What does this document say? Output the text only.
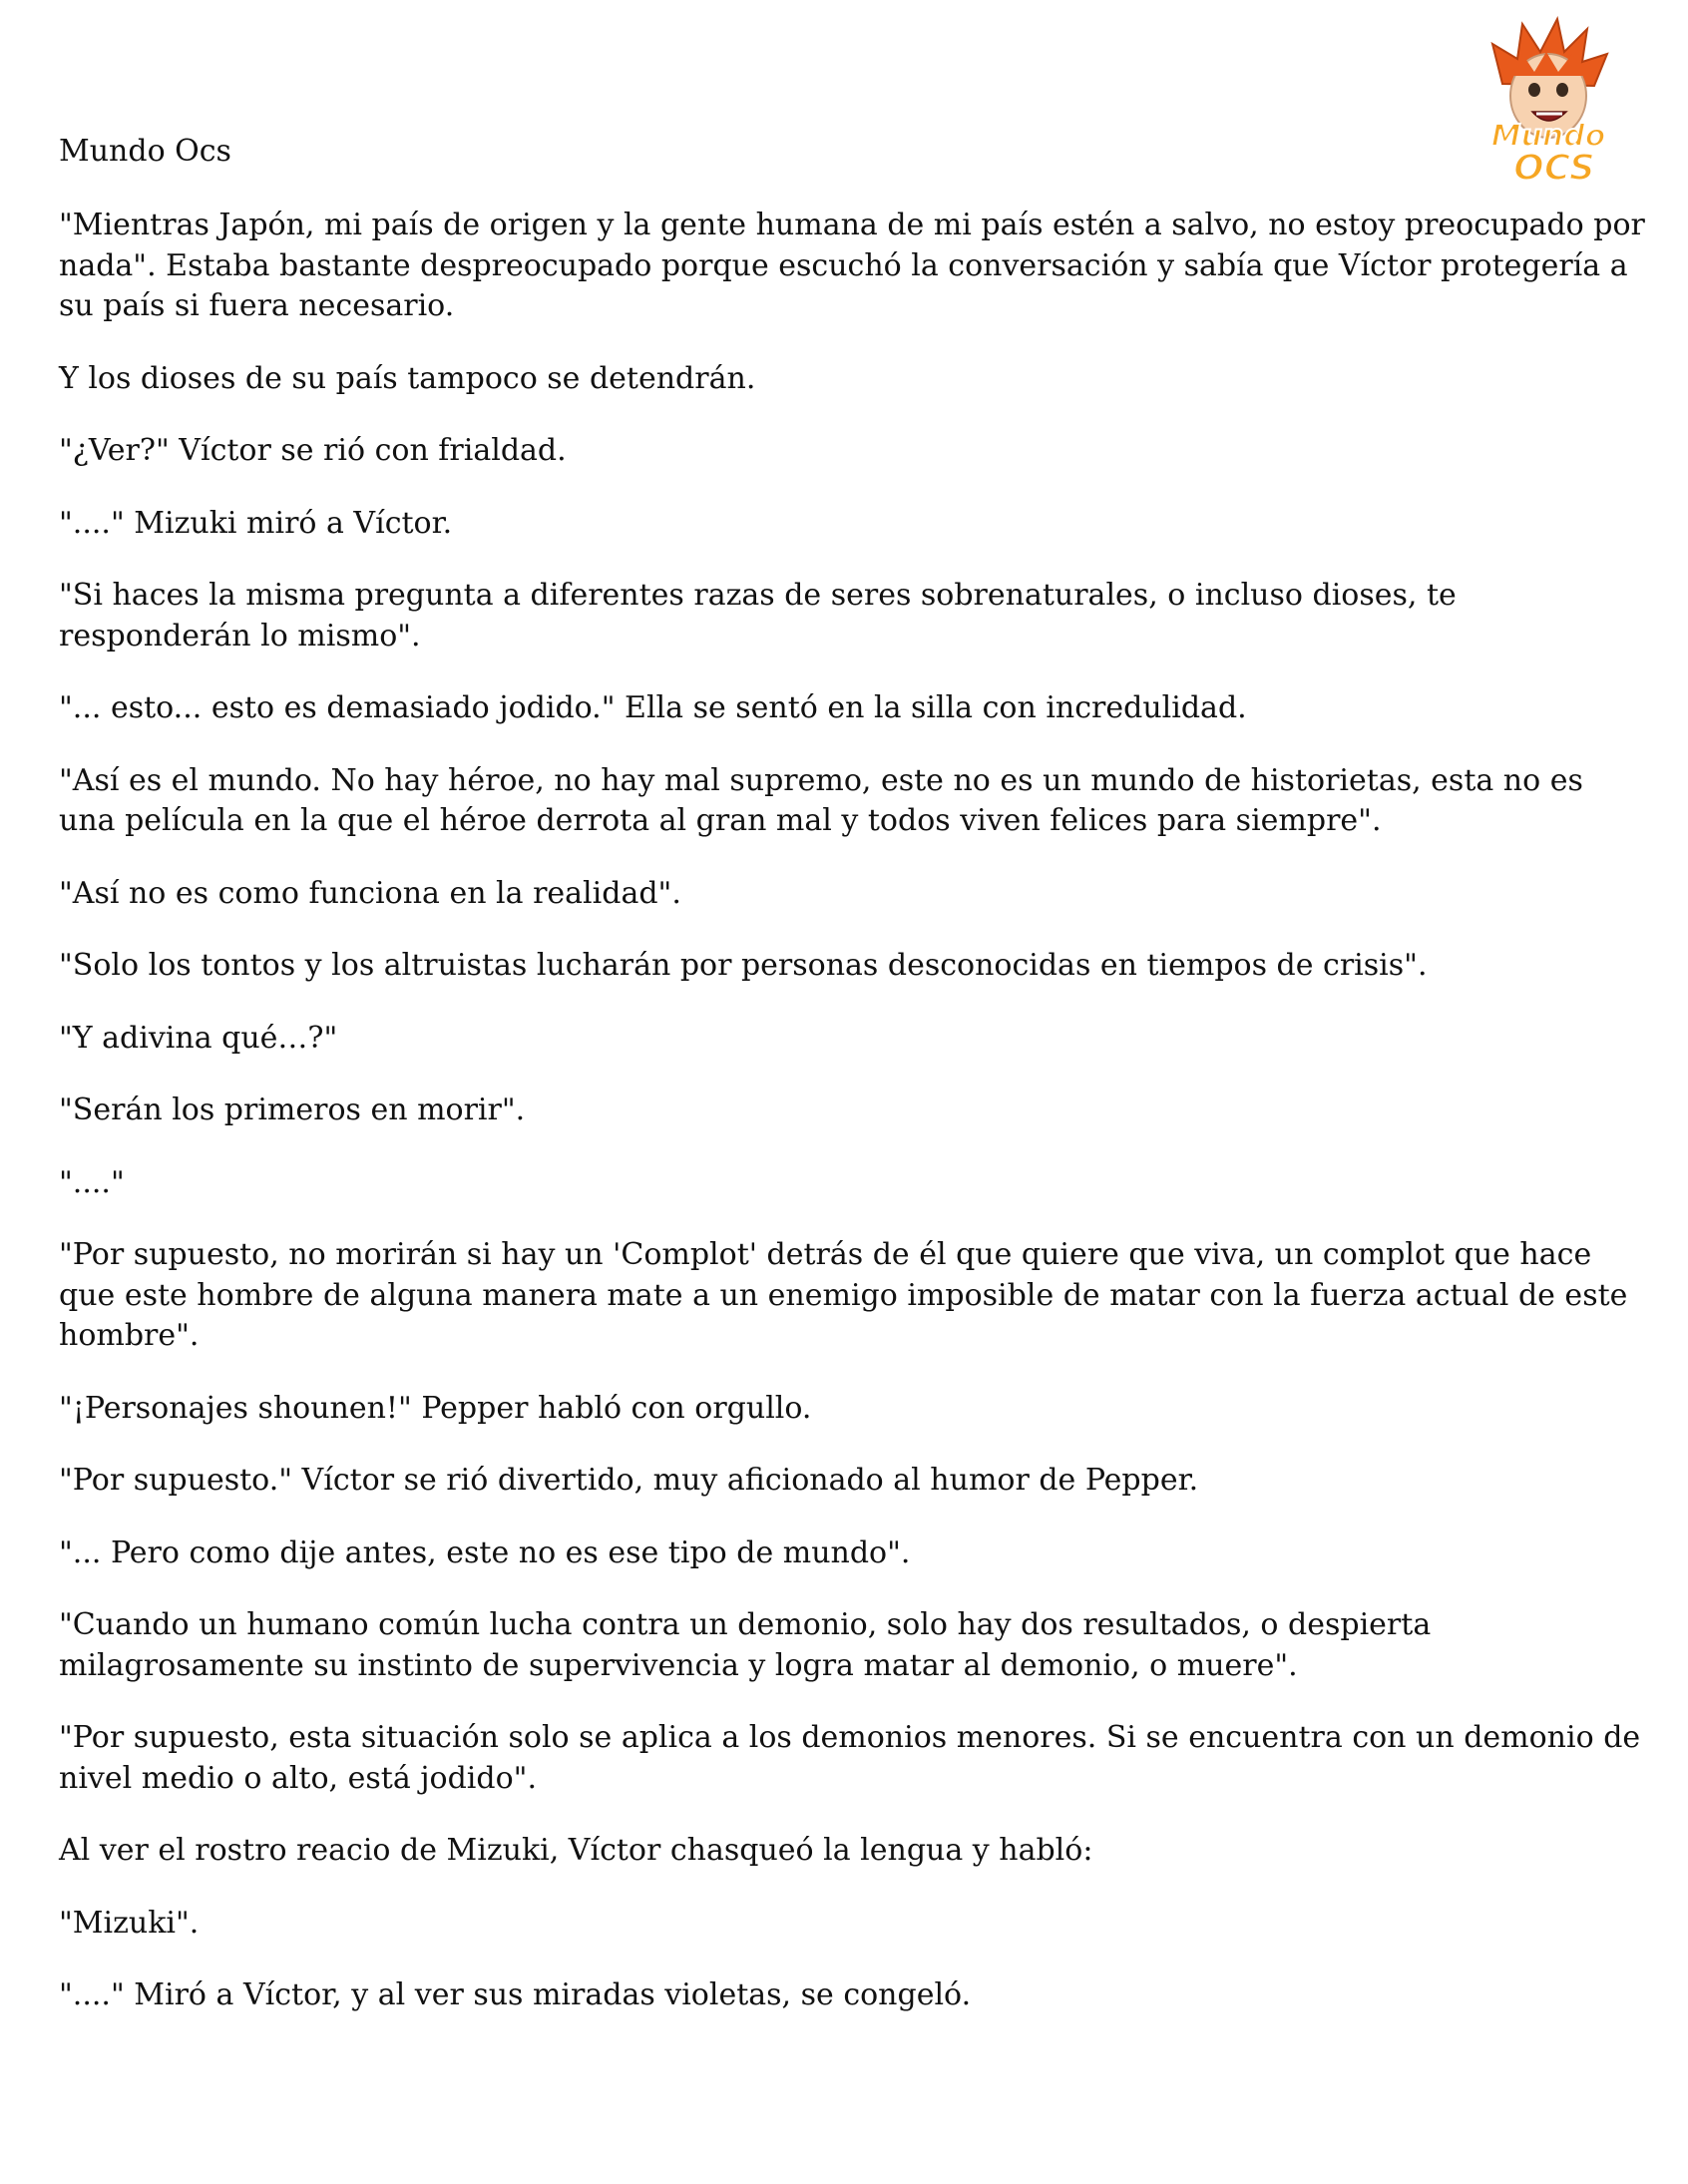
Mundo Ocs	Mundo
OCS

"Mientras Japón, mi país de origen y la gente humana de mi país estén a salvo, no estoy preocupado por nada". Estaba bastante despreocupado porque escuchó la conversación y sabía que Víctor protegería a su país si fuera necesario.

Y los dioses de su país tampoco se detendrán.

"¿Ver?" Víctor se rió con frialdad.

"...." Mizuki miró a Víctor.

"Si haces la misma pregunta a diferentes razas de seres sobrenaturales, o incluso dioses, te responderán lo mismo".

"... esto... esto es demasiado jodido." Ella se sentó en la silla con incredulidad.

"Así es el mundo. No hay héroe, no hay mal supremo, este no es un mundo de historietas, esta no es una película en la que el héroe derrota al gran mal y todos viven felices para siempre".

"Así no es como funciona en la realidad".

"Solo los tontos y los altruistas lucharán por personas desconocidas en tiempos de crisis".

"Y adivina qué…?"

"Serán los primeros en morir".

"...."

"Por supuesto, no morirán si hay un 'Complot' detrás de él que quiere que viva, un complot que hace que este hombre de alguna manera mate a un enemigo imposible de matar con la fuerza actual de este hombre".

"¡Personajes shounen!" Pepper habló con orgullo.

"Por supuesto." Víctor se rió divertido, muy aficionado al humor de Pepper.

"... Pero como dije antes, este no es ese tipo de mundo".

"Cuando un humano común lucha contra un demonio, solo hay dos resultados, o despierta milagrosamente su instinto de supervivencia y logra matar al demonio, o muere".

"Por supuesto, esta situación solo se aplica a los demonios menores. Si se encuentra con un demonio de nivel medio o alto, está jodido".

Al ver el rostro reacio de Mizuki, Víctor chasqueó la lengua y habló:

"Mizuki".

"...." Miró a Víctor, y al ver sus miradas violetas, se congeló.
